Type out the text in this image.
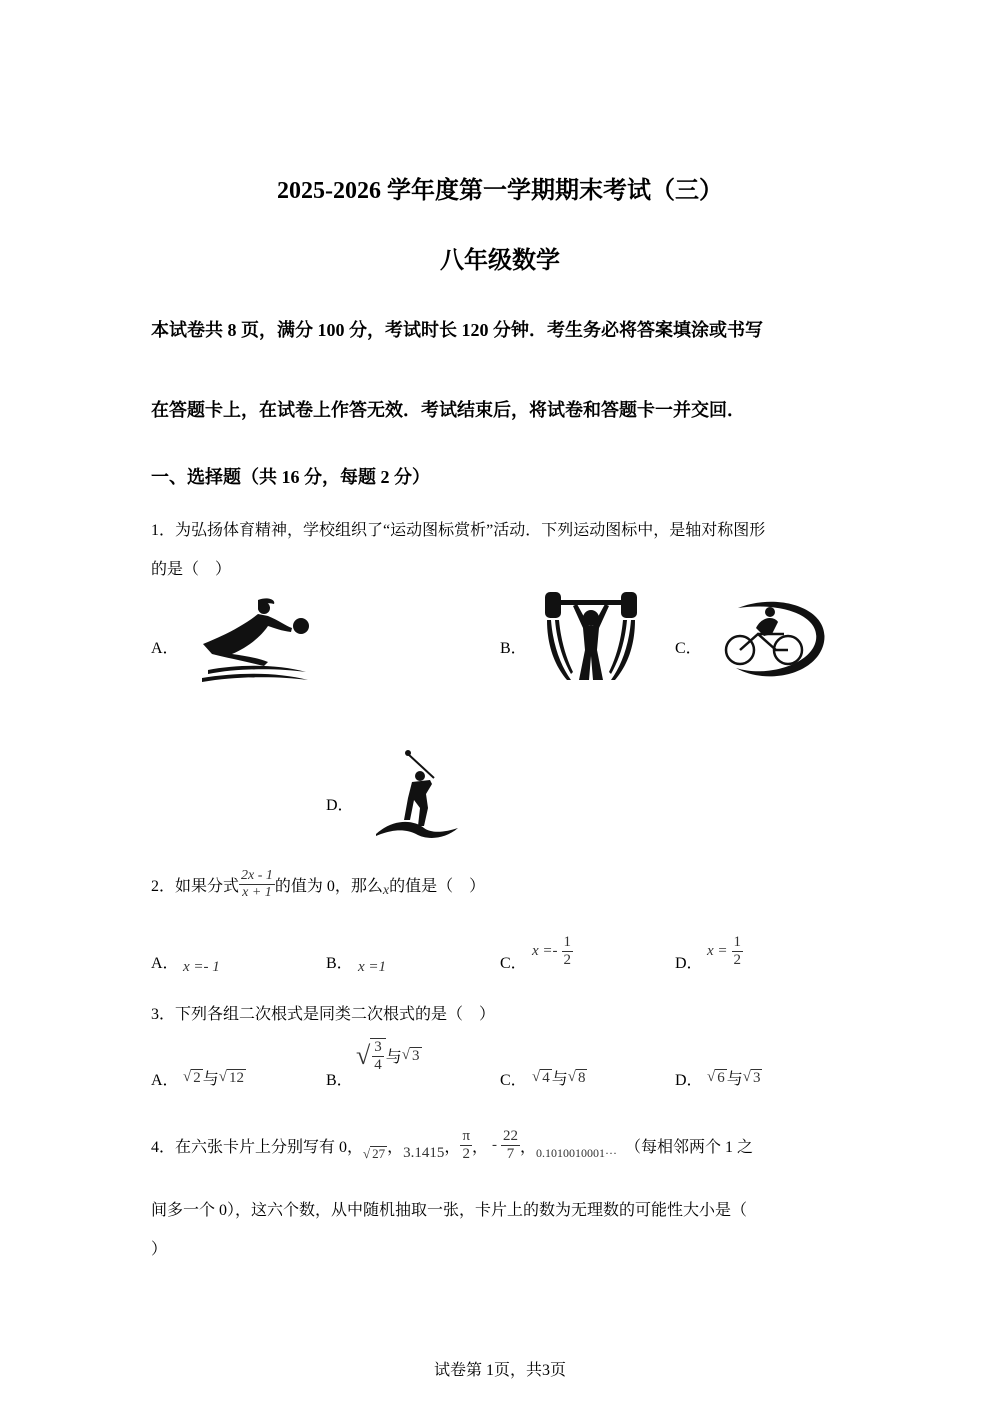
2025-2026 学年度第一学期期末考试（三）
八年级数学
本试卷共 8 页，满分 100 分，考试时长 120 分钟．考生务必将答案填涂或书写
在答题卡上，在试卷上作答无效．考试结束后，将试卷和答题卡一并交回．
一、选择题（共 16 分，每题 2 分）
1．为弘扬体育精神，学校组织了“运动图标赏析”活动．下列运动图标中，是轴对称图形
的是（　）
A．	B．	C．
D．
2．如果分式 $\frac{2x - 1}{x + 1}$ 的值为 0，那么 x 的值是（　）
A． x =- 1	B． x =1	C．
$x =- \frac{1}{2}$	D．
$x = \frac{1}{2}$
3．下列各组二次根式是同类二次根式的是（　）
A． √ 2 与 √ 12	B．
√ $\frac{3}{4}$ 与 √ 3
C． √ 4 与 √ 8	D． √ 6 与 √ 3
4．在六张卡片上分别写有 0， √ 27 ， 3.1415 ， $\frac{\pi}{2}$ ， - $\frac{22}{7}$ ， 0.1010010001··· （每相邻两个 1 之
间多一个 0），这六个数，从中随机抽取一张，卡片上的数为无理数的可能性大小是（
）
试卷第 1页，共3页
